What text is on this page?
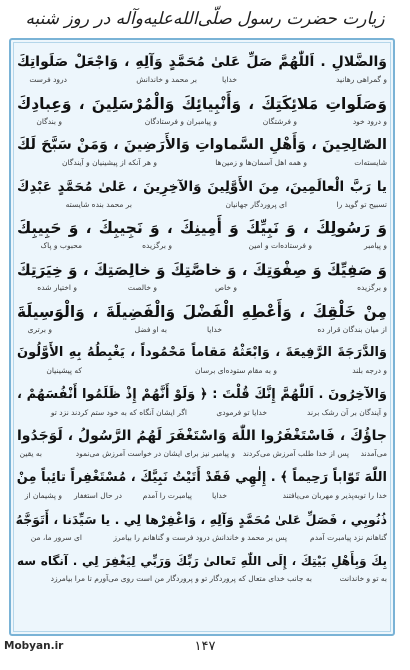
زیارت حضرت رسول صلّی‌الله‌علیه‌وآله در روز شنبه
وَالضَّلالِ . اَللّٰهُمَّ صَلِّ عَلىٰ مُحَمَّدٍ وَآلِهِ ، وَاجْعَلْ صَلَواتِكَ
و گمراهی رهانید
خدایا
بر محمد و خاندانش
درود فرست
وَصَلَواتِ مَلائِكَتِكَ ، وَأَنْبِيائِكَ وَالْمُرْسَلِينَ ، وَعِبادِكَ
و درود خود
و فرشتگان
و پیامبران و فرستادگان
و بندگان
الصّالِحِينَ ، وَأَهْلِ السَّماواتِ وَالأَرَضِينَ ، وَمَنْ سَبَّحَ لَكَ
شایسته‌ات
و همه اهل آسمان‌ها و زمین‌ها
و هر آنکه از پیشینیان و آیندگان
يا رَبَّ الْعالَمِينَ، مِنَ الأَوَّلِينَ وَالآخِرِينَ ، عَلىٰ مُحَمَّدٍ عَبْدِكَ
تسبیح تو گوید را
ای پروردگار جهانیان
بر محمد بنده شایسته
وَ رَسُولِكَ ، وَ نَبِيِّكَ وَ أَمِينِكَ ، وَ نَجِيبِكَ ، وَ حَبِيبِكَ
و پیامبر
و فرستاده‌ات و امین
و برگزیده
محبوب و پاک
وَ صَفِيِّكَ وَ صِفْوَتِكَ ، وَ خاصَّتِكَ وَ خالِصَتِكَ ، وَ خِيَرَتِكَ
و برگزیده
و خاص
و خالصت
و اختیار شده
مِنْ خَلْقِكَ ، وَأَعْطِهِ الْفَضْلَ وَالْفَضِيلَةَ ، وَالْوَسِيلَةَ
از میان بندگان قرار ده
خدایا
به او فضل
و برتری
وَالدَّرَجَةَ الرَّفِيعَةَ ، وَابْعَثْهُ مَقاماً مَحْمُوداً ، يَغْبِطُهُ بِهِ الأَوَّلُونَ
و درجه بلند
و به مقام ستوده‌ای برسان
که پیشینیان
وَالآخِرُونَ . اَللّٰهُمَّ إِنَّكَ قُلْتَ : ﴿ وَلَوْ أَنَّهُمْ إِذْ ظَلَمُوا أَنْفُسَهُمْ ،
و آیندگان بر آن رشک برند
خدایا تو فرمودی
اگر ایشان آنگاه که به خود ستم کردند نزد تو
جاؤُكَ ، فَاسْتَغْفَرُوا اللّٰهَ وَاسْتَغْفَرَ لَهُمُ الرَّسُولُ ، لَوَجَدُوا
می‌آمدند
پس از خدا طلب آمرزش می‌کردند
و پیامبر نیز برای ایشان در خواست آمرزش می‌نمود
به یقین
اللّٰهَ تَوّاباً رَحِيماً ﴾ . إِلٰهِي فَقَدْ أَتَيْتُ نَبِيَّكَ ، مُسْتَغْفِراً تائِباً مِنْ
خدا را توبه‌پذیر و مهربان می‌یافتند
خدایا
پیامبرت را آمدم
در حال استغفار
و پشیمان از
ذُنُوبِي ، فَصَلِّ عَلىٰ مُحَمَّدٍ وَآلِهِ ، وَاغْفِرْها لِي . يا سَيِّدَنا ، أَتَوَجَّهُ
گناهانم نزد پیامبرت آمدم
پس بر محمد و خاندانش درود فرست و گناهانم را بیامرز
ای سرور ما، من
بِكَ وَبِأَهْلِ بَيْتِكَ ، إِلَى اللّٰهِ تَعالىٰ رَبِّكَ وَرَبِّي لِيَغْفِرَ لِي . آنگاه سه
به تو و خاندانت
به جانب خدای متعال که پروردگار تو و پروردگار من است روی می‌آورم تا مرا بیامرزد
Mobyan.ir	۱۴۷
